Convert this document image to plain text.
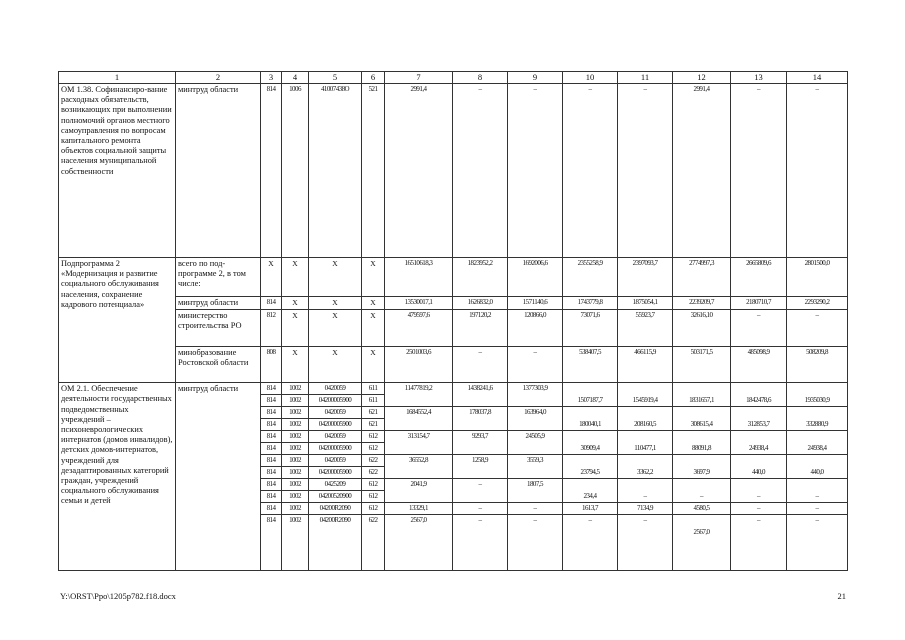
1	2	3	4	5	6	7	8	9	10	11	12	13	14
ОМ 1.38. Софинансиро-вание расходных обязательств, возникающих при выполнении полномочий органов местного самоуправления по вопросам капитального ремонта объектов социальной защиты населения муниципальной собственности	минтруд области	814	1006	41007438О	521	2991,4	–	–	–	–	2991,4	–	–
Подпрограмма 2 «Модернизация и развитие социального обслуживания населения, сохранение кадрового потенциала»	всего по под-программе 2, в том числе:	Х	Х	Х	Х	16510618,3	1823952,2	1692006,6	2355258,9	2397093,7	2774997,3	2665809,6	2801500,0
	минтруд области	814	Х	Х	Х	13530017,1	1626832,0	1571140,6	1743779,8	1875054,1	2239209,7	2180710,7	2293290,2
	министерство строительства РО	812	Х	Х	Х	479597,6	197120,2	120866,0	73071,6	55923,7	32616,10	–	–
	минобразование Ростовской области	808	Х	Х	Х	2501003,6	–	–	538407,5	466115,9	503171,5	485098,9	508209,8
ОМ 2.1. Обеспечение деятельности государственных подведомственных учреждений – психоневрологических интернатов (домов инвалидов), детских домов-интернатов, учреждений для дезадаптированных категорий граждан, учреждений социального обслуживания семьи и детей	минтруд области	814	1002	0420059	611	11477819,2	1438241,6	1377303,9	1507187,7	1545919,4	1831657,1	1842478,6	1935030,9

		814	1002	04200005900	611								
		814	1002	0420059	621	1684552,4	178037,8	163964,0	180040,1	208160,5	308615,4	312853,7	332880,9

		814	1002	04200005900	621								
		814	1002	0420059	612	313154,7	9293,7	24505,9	30909,4	110477,1	88091,8	24938,4	24938,4

		814	1002	04200005900	612								
		814	1002	0420059	622	36552,8	1258,9	3559,3	23794,5	3362,2	3697,9	440,0	440,0

		814	1002	04200005900	622								
		814	1002	0425209	612	2041,9	–	1807,5	234,4	–	–	–	–

		814	1002	04200520900	612								
		814	1002	04200R2090	612	13329,1	–	–	1613,7	7134,9	4580,5	–	–
		814	1002	04200R2090	622	2567,0	–	–	–	–	2567,0	–	–
Y:\ORST\Ppo\1205p782.f18.docx	21
